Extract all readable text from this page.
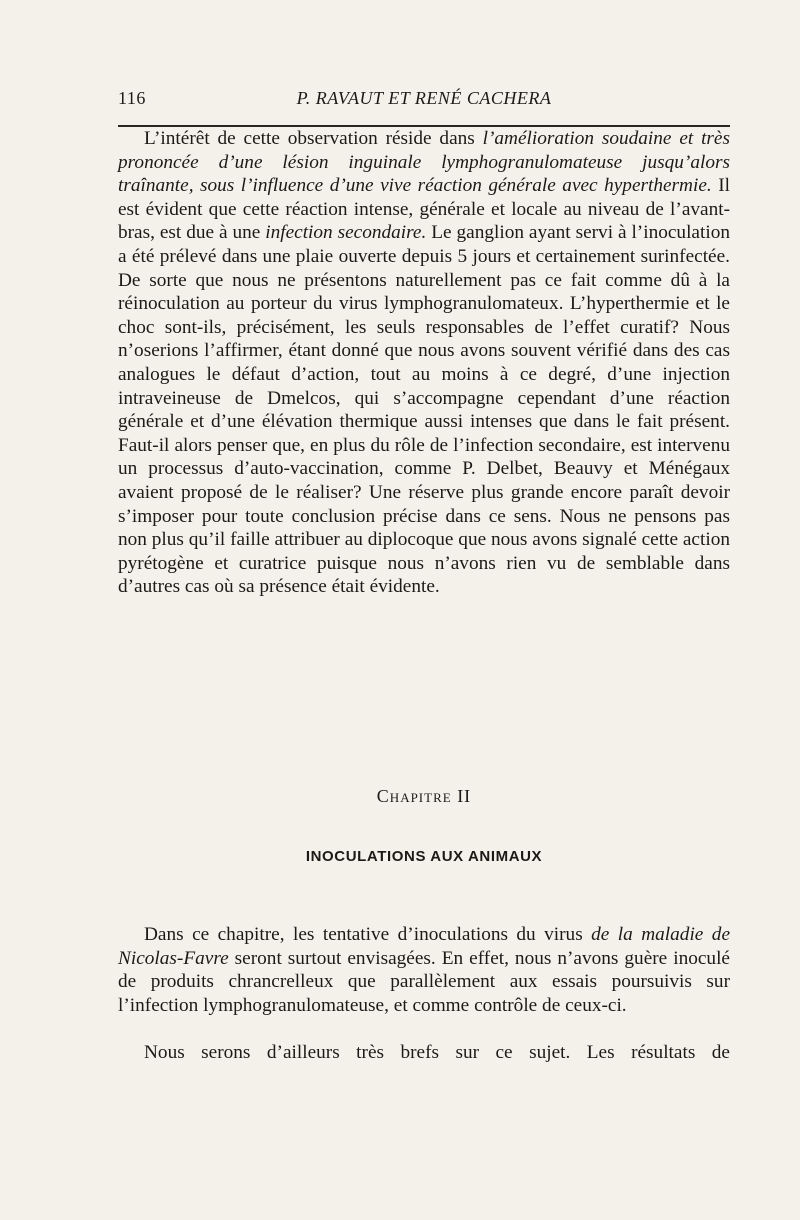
116	P. RAVAUT ET RENÉ CACHERA

L’intérêt de cette observation réside dans l’amélioration soudaine et très prononcée d’une lésion inguinale lymphogranulomateuse jusqu’alors traînante, sous l’influence d’une vive réaction générale avec hyperthermie. Il est évident que cette réaction intense, générale et locale au niveau de l’avant-bras, est due à une infection secondaire. Le ganglion ayant servi à l’inoculation a été prélevé dans une plaie ouverte depuis 5 jours et certainement surinfectée. De sorte que nous ne présentons naturellement pas ce fait comme dû à la réinoculation au porteur du virus lymphogranulomateux. L’hyperthermie et le choc sont-ils, précisément, les seuls responsables de l’effet curatif? Nous n’oserions l’affirmer, étant donné que nous avons souvent vérifié dans des cas analogues le défaut d’action, tout au moins à ce degré, d’une injection intraveineuse de Dmelcos, qui s’accompagne cependant d’une réaction générale et d’une élévation thermique aussi intenses que dans le fait présent. Faut-il alors penser que, en plus du rôle de l’infection secondaire, est intervenu un processus d’auto-vaccination, comme P. Delbet, Beauvy et Ménégaux avaient proposé de le réaliser? Une réserve plus grande encore paraît devoir s’imposer pour toute conclusion précise dans ce sens. Nous ne pensons pas non plus qu’il faille attribuer au diplocoque que nous avons signalé cette action pyrétogène et curatrice puisque nous n’avons rien vu de semblable dans d’autres cas où sa présence était évidente.

Chapitre II
INOCULATIONS AUX ANIMAUX

Dans ce chapitre, les tentative d’inoculations du virus de la maladie de Nicolas-Favre seront surtout envisagées. En effet, nous n’avons guère inoculé de produits chrancrelleux que parallèlement aux essais poursuivis sur l’infection lymphogranulomateuse, et comme contrôle de ceux-ci.

Nous serons d’ailleurs très brefs sur ce sujet. Les résultats de
